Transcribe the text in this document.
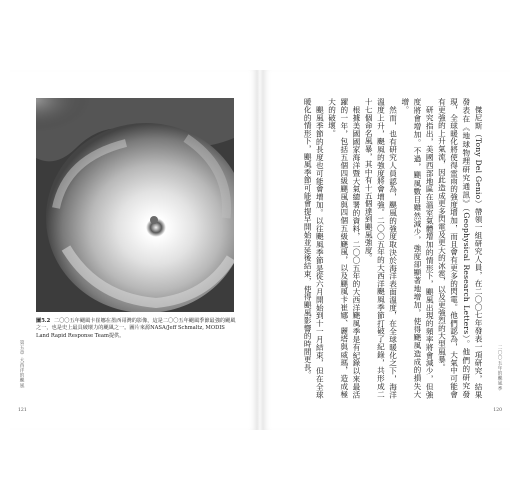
圖5.2 二〇〇五年颶風卡崔娜在墨西哥灣的影像，這是二〇〇五年颶風季節最強的颶風之一，也是史上最具破壞力的颶風之一。圖片來源NASA/Jeff Schmaltz, MODIS Land Rapid Response Team提供。
第五章 大西洋的颶風
121

傑尼斯（Tony Del Genio）帶領一組研究人員，在二〇〇七年發表一項研究，結果發表在《地球物理研究通訊》（Geophysical Research Letters）。他們的研究發現，全球暖化將使得雷雨的強度增加，而且會有更多的閃電。他們認為，大氣中可能會有更強的上升氣流，因此造成更多閃電及更大的冰雹，以及更強烈的大型風暴。

研究指出，美國西部地區在溫室氣體增加的情形下，颶風出現的頻率將會減少，但強度將會增加。不過，颶風數目雖然減少，強度卻顯著地增加，使得颶風造成的損失大增。

然而，也有研究人員認為，颶風的強度取決於海洋表面溫度，在全球暖化之下，海洋溫度上升，颶風的強度將會增強。二〇〇五年的大西洋颶風季節打破了紀錄，共形成二十七個命名風暴，其中有十五個達到颶風強度。

根據美國國家海洋暨大氣總署的資料，二〇〇五年的大西洋颶風季是有紀錄以來最活躍的一年，包括五個四級颶風與四個五級颶風，以及颶風卡崔娜、麗塔與威瑪，造成極大的破壞。

颶風季節的長度也可能會增加。以往颶風季節是從六月開始到十一月結束，但在全球暖化的情形下，颶風季節可能會提早開始並延後結束，使得颶風影響的時間更長。	二〇〇五年的颶風季
120
